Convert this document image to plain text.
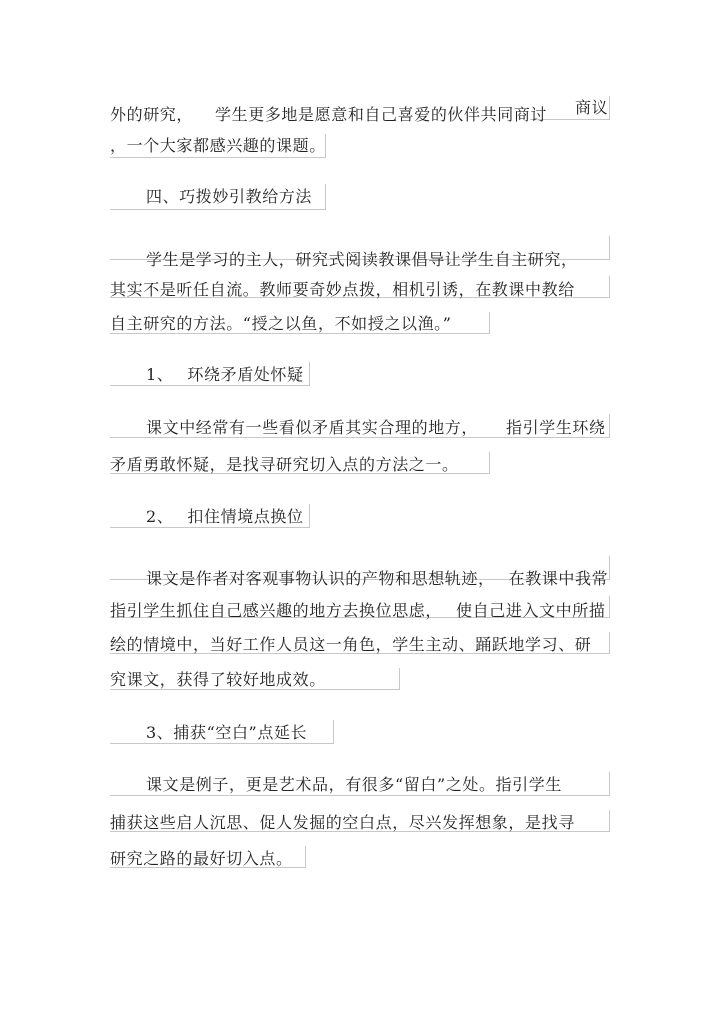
外的研究， 学生更多地是愿意和自己喜爱的伙伴共同商讨 商议
，一个大家都感兴趣的课题。
四、巧拨妙引教给方法
学生是学习的主人，研究式阅读教课倡导让学生自主研究，
其实不是听任自流。教师要奇妙点拨，相机引诱，在教课中教给
自主研究的方法。“授之以鱼，不如授之以渔。”
1、 环绕矛盾处怀疑
课文中经常有一些看似矛盾其实合理的地方， 指引学生环绕
矛盾勇敢怀疑，是找寻研究切入点的方法之一。
2、 扣住情境点换位
课文是作者对客观事物认识的产物和思想轨迹， 在教课中我常
指引学生抓住自己感兴趣的地方去换位思虑， 使自己进入文中所描
绘的情境中，当好工作人员这一角色，学生主动、踊跃地学习、研
究课文，获得了较好地成效。
3、捕获“空白”点延长
课文是例子，更是艺术品，有很多“留白”之处。指引学生
捕获这些启人沉思、促人发掘的空白点，尽兴发挥想象，是找寻
研究之路的最好切入点。
